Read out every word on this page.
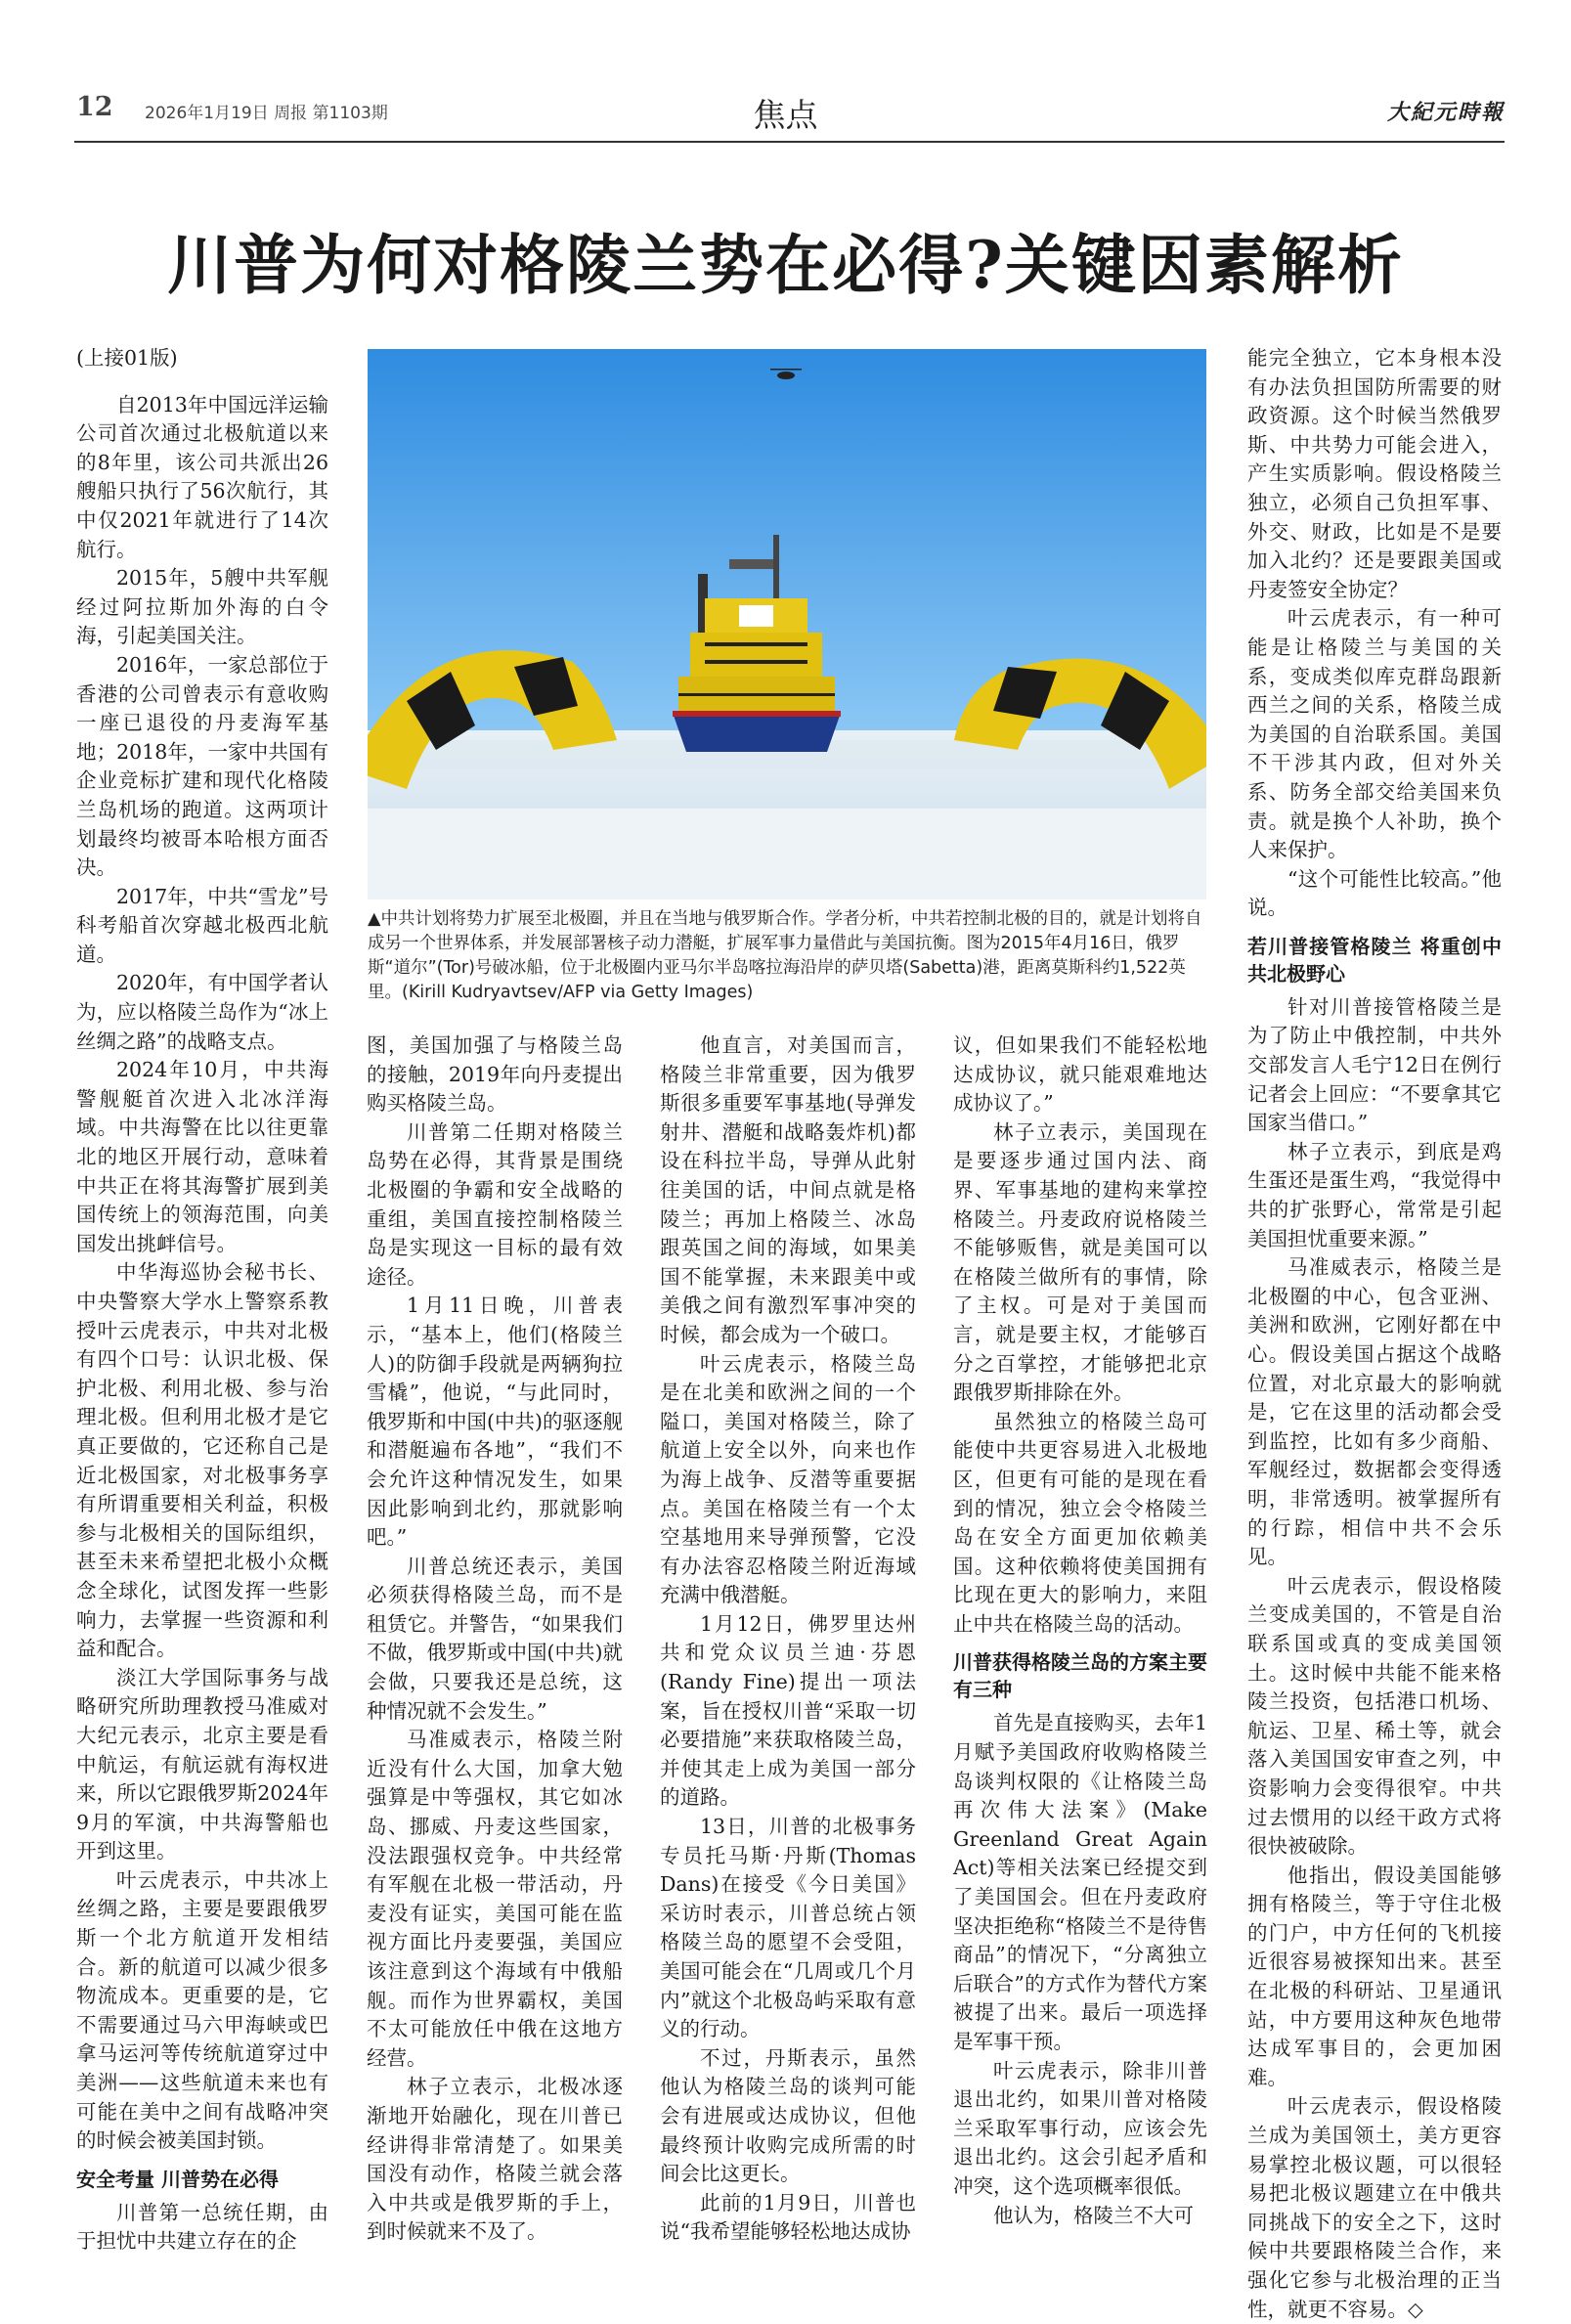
12 2026年1月19日 周报 第1103期	焦点	大紀元時報
川普为何对格陵兰势在必得?关键因素解析

(上接01版)

自2013年中国远洋运输公司首次通过北极航道以来的8年里，该公司共派出26艘船只执行了56次航行，其中仅2021年就进行了14次航行。

2015年，5艘中共军舰经过阿拉斯加外海的白令海，引起美国关注。

2016年，一家总部位于香港的公司曾表示有意收购一座已退役的丹麦海军基地；2018年，一家中共国有企业竞标扩建和现代化格陵兰岛机场的跑道。这两项计划最终均被哥本哈根方面否决。

2017年，中共“雪龙”号科考船首次穿越北极西北航道。

2020年，有中国学者认为，应以格陵兰岛作为“冰上丝绸之路”的战略支点。

2024年10月，中共海警舰艇首次进入北冰洋海域。中共海警在比以往更靠北的地区开展行动，意味着中共正在将其海警扩展到美国传统上的领海范围，向美国发出挑衅信号。

中华海巡协会秘书长、中央警察大学水上警察系教授叶云虎表示，中共对北极有四个口号：认识北极、保护北极、利用北极、参与治理北极。但利用北极才是它真正要做的，它还称自己是近北极国家，对北极事务享有所谓重要相关利益，积极参与北极相关的国际组织，甚至未来希望把北极小众概念全球化，试图发挥一些影响力，去掌握一些资源和利益和配合。

淡江大学国际事务与战略研究所助理教授马准威对大纪元表示，北京主要是看中航运，有航运就有海权进来，所以它跟俄罗斯2024年9月的军演，中共海警船也开到这里。

叶云虎表示，中共冰上丝绸之路，主要是要跟俄罗斯一个北方航道开发相结合。新的航道可以减少很多物流成本。更重要的是，它不需要通过马六甲海峡或巴拿马运河等传统航道穿过中美洲——这些航道未来也有可能在美中之间有战略冲突的时候会被美国封锁。

安全考量 川普势在必得

川普第一总统任期，由于担忧中共建立存在的企

▲中共计划将势力扩展至北极圈，并且在当地与俄罗斯合作。学者分析，中共若控制北极的目的，就是计划将自成另一个世界体系，并发展部署核子动力潜艇，扩展军事力量借此与美国抗衡。图为2015年4月16日，俄罗斯“道尔”(Tor)号破冰船，位于北极圈内亚马尔半岛喀拉海沿岸的萨贝塔(Sabetta)港，距离莫斯科约1,522英里。(Kirill Kudryavtsev/AFP via Getty Images)

图，美国加强了与格陵兰岛的接触，2019年向丹麦提出购买格陵兰岛。

川普第二任期对格陵兰岛势在必得，其背景是围绕北极圈的争霸和安全战略的重组，美国直接控制格陵兰岛是实现这一目标的最有效途径。

1月11日晚，川普表示，“基本上，他们(格陵兰人)的防御手段就是两辆狗拉雪橇”，他说，“与此同时，俄罗斯和中国(中共)的驱逐舰和潜艇遍布各地”，“我们不会允许这种情况发生，如果因此影响到北约，那就影响吧。”

川普总统还表示，美国必须获得格陵兰岛，而不是租赁它。并警告，“如果我们不做，俄罗斯或中国(中共)就会做，只要我还是总统，这种情况就不会发生。”

马准威表示，格陵兰附近没有什么大国，加拿大勉强算是中等强权，其它如冰岛、挪威、丹麦这些国家，没法跟强权竞争。中共经常有军舰在北极一带活动，丹麦没有证实，美国可能在监视方面比丹麦要强，美国应该注意到这个海域有中俄船舰。而作为世界霸权，美国不太可能放任中俄在这地方经营。

林子立表示，北极冰逐渐地开始融化，现在川普已经讲得非常清楚了。如果美国没有动作，格陵兰就会落入中共或是俄罗斯的手上，到时候就来不及了。

他直言，对美国而言，格陵兰非常重要，因为俄罗斯很多重要军事基地(导弹发射井、潜艇和战略轰炸机)都设在科拉半岛，导弹从此射往美国的话，中间点就是格陵兰；再加上格陵兰、冰岛跟英国之间的海域，如果美国不能掌握，未来跟美中或美俄之间有激烈军事冲突的时候，都会成为一个破口。

叶云虎表示，格陵兰岛是在北美和欧洲之间的一个隘口，美国对格陵兰，除了航道上安全以外，向来也作为海上战争、反潜等重要据点。美国在格陵兰有一个太空基地用来导弹预警，它没有办法容忍格陵兰附近海域充满中俄潜艇。

1月12日，佛罗里达州共和党众议员兰迪·芬恩(Randy Fine)提出一项法案，旨在授权川普“采取一切必要措施”来获取格陵兰岛，并使其走上成为美国一部分的道路。

13日，川普的北极事务专员托马斯·丹斯(Thomas Dans)在接受《今日美国》采访时表示，川普总统占领格陵兰岛的愿望不会受阻，美国可能会在“几周或几个月内”就这个北极岛屿采取有意义的行动。

不过，丹斯表示，虽然他认为格陵兰岛的谈判可能会有进展或达成协议，但他最终预计收购完成所需的时间会比这更长。

此前的1月9日，川普也说“我希望能够轻松地达成协

议，但如果我们不能轻松地达成协议，就只能艰难地达成协议了。”

林子立表示，美国现在是要逐步通过国内法、商界、军事基地的建构来掌控格陵兰。丹麦政府说格陵兰不能够贩售，就是美国可以在格陵兰做所有的事情，除了主权。可是对于美国而言，就是要主权，才能够百分之百掌控，才能够把北京跟俄罗斯排除在外。

虽然独立的格陵兰岛可能使中共更容易进入北极地区，但更有可能的是现在看到的情况，独立会令格陵兰岛在安全方面更加依赖美国。这种依赖将使美国拥有比现在更大的影响力，来阻止中共在格陵兰岛的活动。

川普获得格陵兰岛的方案主要有三种

首先是直接购买，去年1月赋予美国政府收购格陵兰岛谈判权限的《让格陵兰岛再次伟大法案》(Make Greenland Great Again Act)等相关法案已经提交到了美国国会。但在丹麦政府坚决拒绝称“格陵兰不是待售商品”的情况下，“分离独立后联合”的方式作为替代方案被提了出来。最后一项选择是军事干预。

叶云虎表示，除非川普退出北约，如果川普对格陵兰采取军事行动，应该会先退出北约。这会引起矛盾和冲突，这个选项概率很低。

他认为，格陵兰不大可

能完全独立，它本身根本没有办法负担国防所需要的财政资源。这个时候当然俄罗斯、中共势力可能会进入，产生实质影响。假设格陵兰独立，必须自己负担军事、外交、财政，比如是不是要加入北约？还是要跟美国或丹麦签安全协定？

叶云虎表示，有一种可能是让格陵兰与美国的关系，变成类似库克群岛跟新西兰之间的关系，格陵兰成为美国的自治联系国。美国不干涉其内政，但对外关系、防务全部交给美国来负责。就是换个人补助，换个人来保护。

“这个可能性比较高。”他说。

若川普接管格陵兰 将重创中共北极野心

针对川普接管格陵兰是为了防止中俄控制，中共外交部发言人毛宁12日在例行记者会上回应：“不要拿其它国家当借口。”

林子立表示，到底是鸡生蛋还是蛋生鸡，“我觉得中共的扩张野心，常常是引起美国担忧重要来源。”

马准威表示，格陵兰是北极圈的中心，包含亚洲、美洲和欧洲，它刚好都在中心。假设美国占据这个战略位置，对北京最大的影响就是，它在这里的活动都会受到监控，比如有多少商船、军舰经过，数据都会变得透明，非常透明。被掌握所有的行踪，相信中共不会乐见。

叶云虎表示，假设格陵兰变成美国的，不管是自治联系国或真的变成美国领土。这时候中共能不能来格陵兰投资，包括港口机场、航运、卫星、稀土等，就会落入美国国安审查之列，中资影响力会变得很窄。中共过去惯用的以经干政方式将很快被破除。

他指出，假设美国能够拥有格陵兰，等于守住北极的门户，中方任何的飞机接近很容易被探知出来。甚至在北极的科研站、卫星通讯站，中方要用这种灰色地带达成军事目的，会更加困难。

叶云虎表示，假设格陵兰成为美国领土，美方更容易掌控北极议题，可以很轻易把北极议题建立在中俄共同挑战下的安全之下，这时候中共要跟格陵兰合作，来强化它参与北极治理的正当性，就更不容易。◇
